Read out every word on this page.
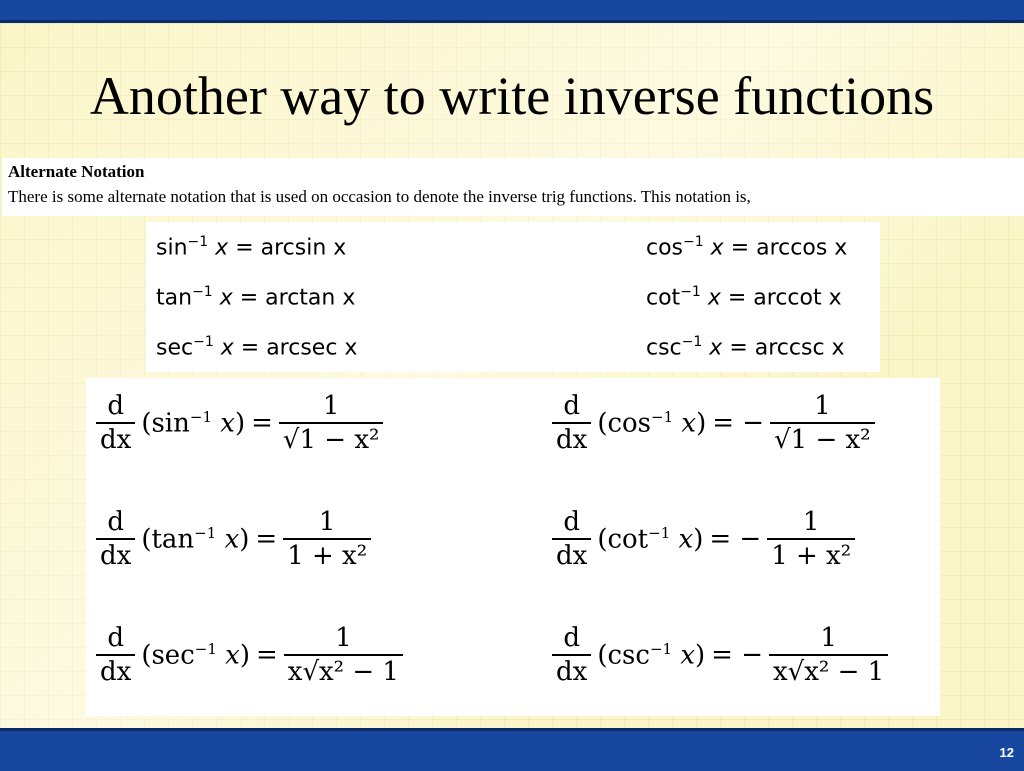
Another way to write inverse functions
Alternate Notation
There is some alternate notation that is used on occasion to denote the inverse trig functions. This notation is,
$\sin^{-1} x = \arcsin x$	$\cos^{-1} x = \arccos x$
$\tan^{-1} x = \arctan x$	$\cot^{-1} x = arccot$ x
$\sec^{-1} x = arcsec$ x	$\csc^{-1} x = arccsc$ x
$\frac{d}{dx} (\sin^{-1}$ $x) = \frac{1}{\text{√1 − x²}}$	$\frac{d}{dx} (\cos^{-1}$ x) = − $\frac{1}{\text{√1 − x²}}$
$\frac{d}{dx} (\tan^{-1}$ $x) = \frac{1}{\text{1 + x²}}$	$\frac{d}{dx} (\cot^{-1}$ x) = − $\frac{1}{\text{1 + x²}}$
$\frac{d}{dx} (\sec^{-1}$ $x) = \frac{1}{\text{x√x² − 1}}$	$\frac{d}{dx} (\csc^{-1}$ x) = − $\frac{1}{\text{x√x² − 1}}$
12
